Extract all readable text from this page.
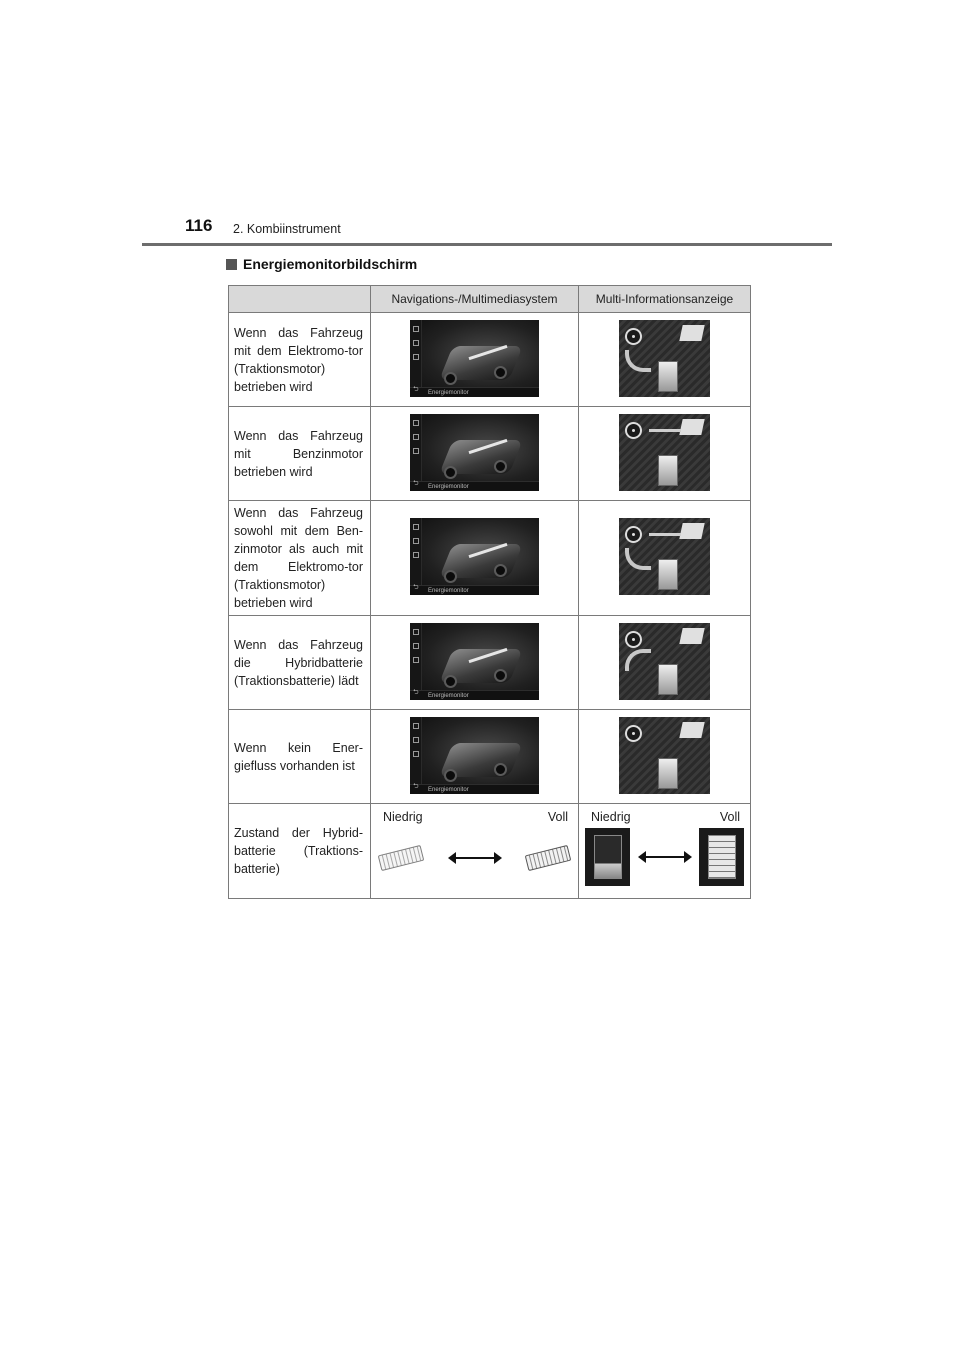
116 2. Kombiinstrument
Energiemonitorbildschirm
	Navigations-/Multimediasystem	Multi-Informationsanzeige
Wenn das Fahrzeug mit dem Elektromo-tor (Traktionsmotor) betrieben wird	⮌ Energiemonitor	

Wenn das Fahrzeug mit Benzinmotor betrieben wird	⮌ Energiemonitor	

Wenn das Fahrzeug sowohl mit dem Ben-zinmotor als auch mit dem Elektromo-tor (Traktionsmotor) betrieben wird	⮌ Energiemonitor	

Wenn das Fahrzeug die Hybridbatterie (Traktionsbatterie) lädt	⮌ Energiemonitor	

Wenn kein Ener-giefluss vorhanden ist	⮌ Energiemonitor	

Zustand der Hybrid-batterie (Traktions-batterie)	Niedrig Voll	Niedrig Voll
